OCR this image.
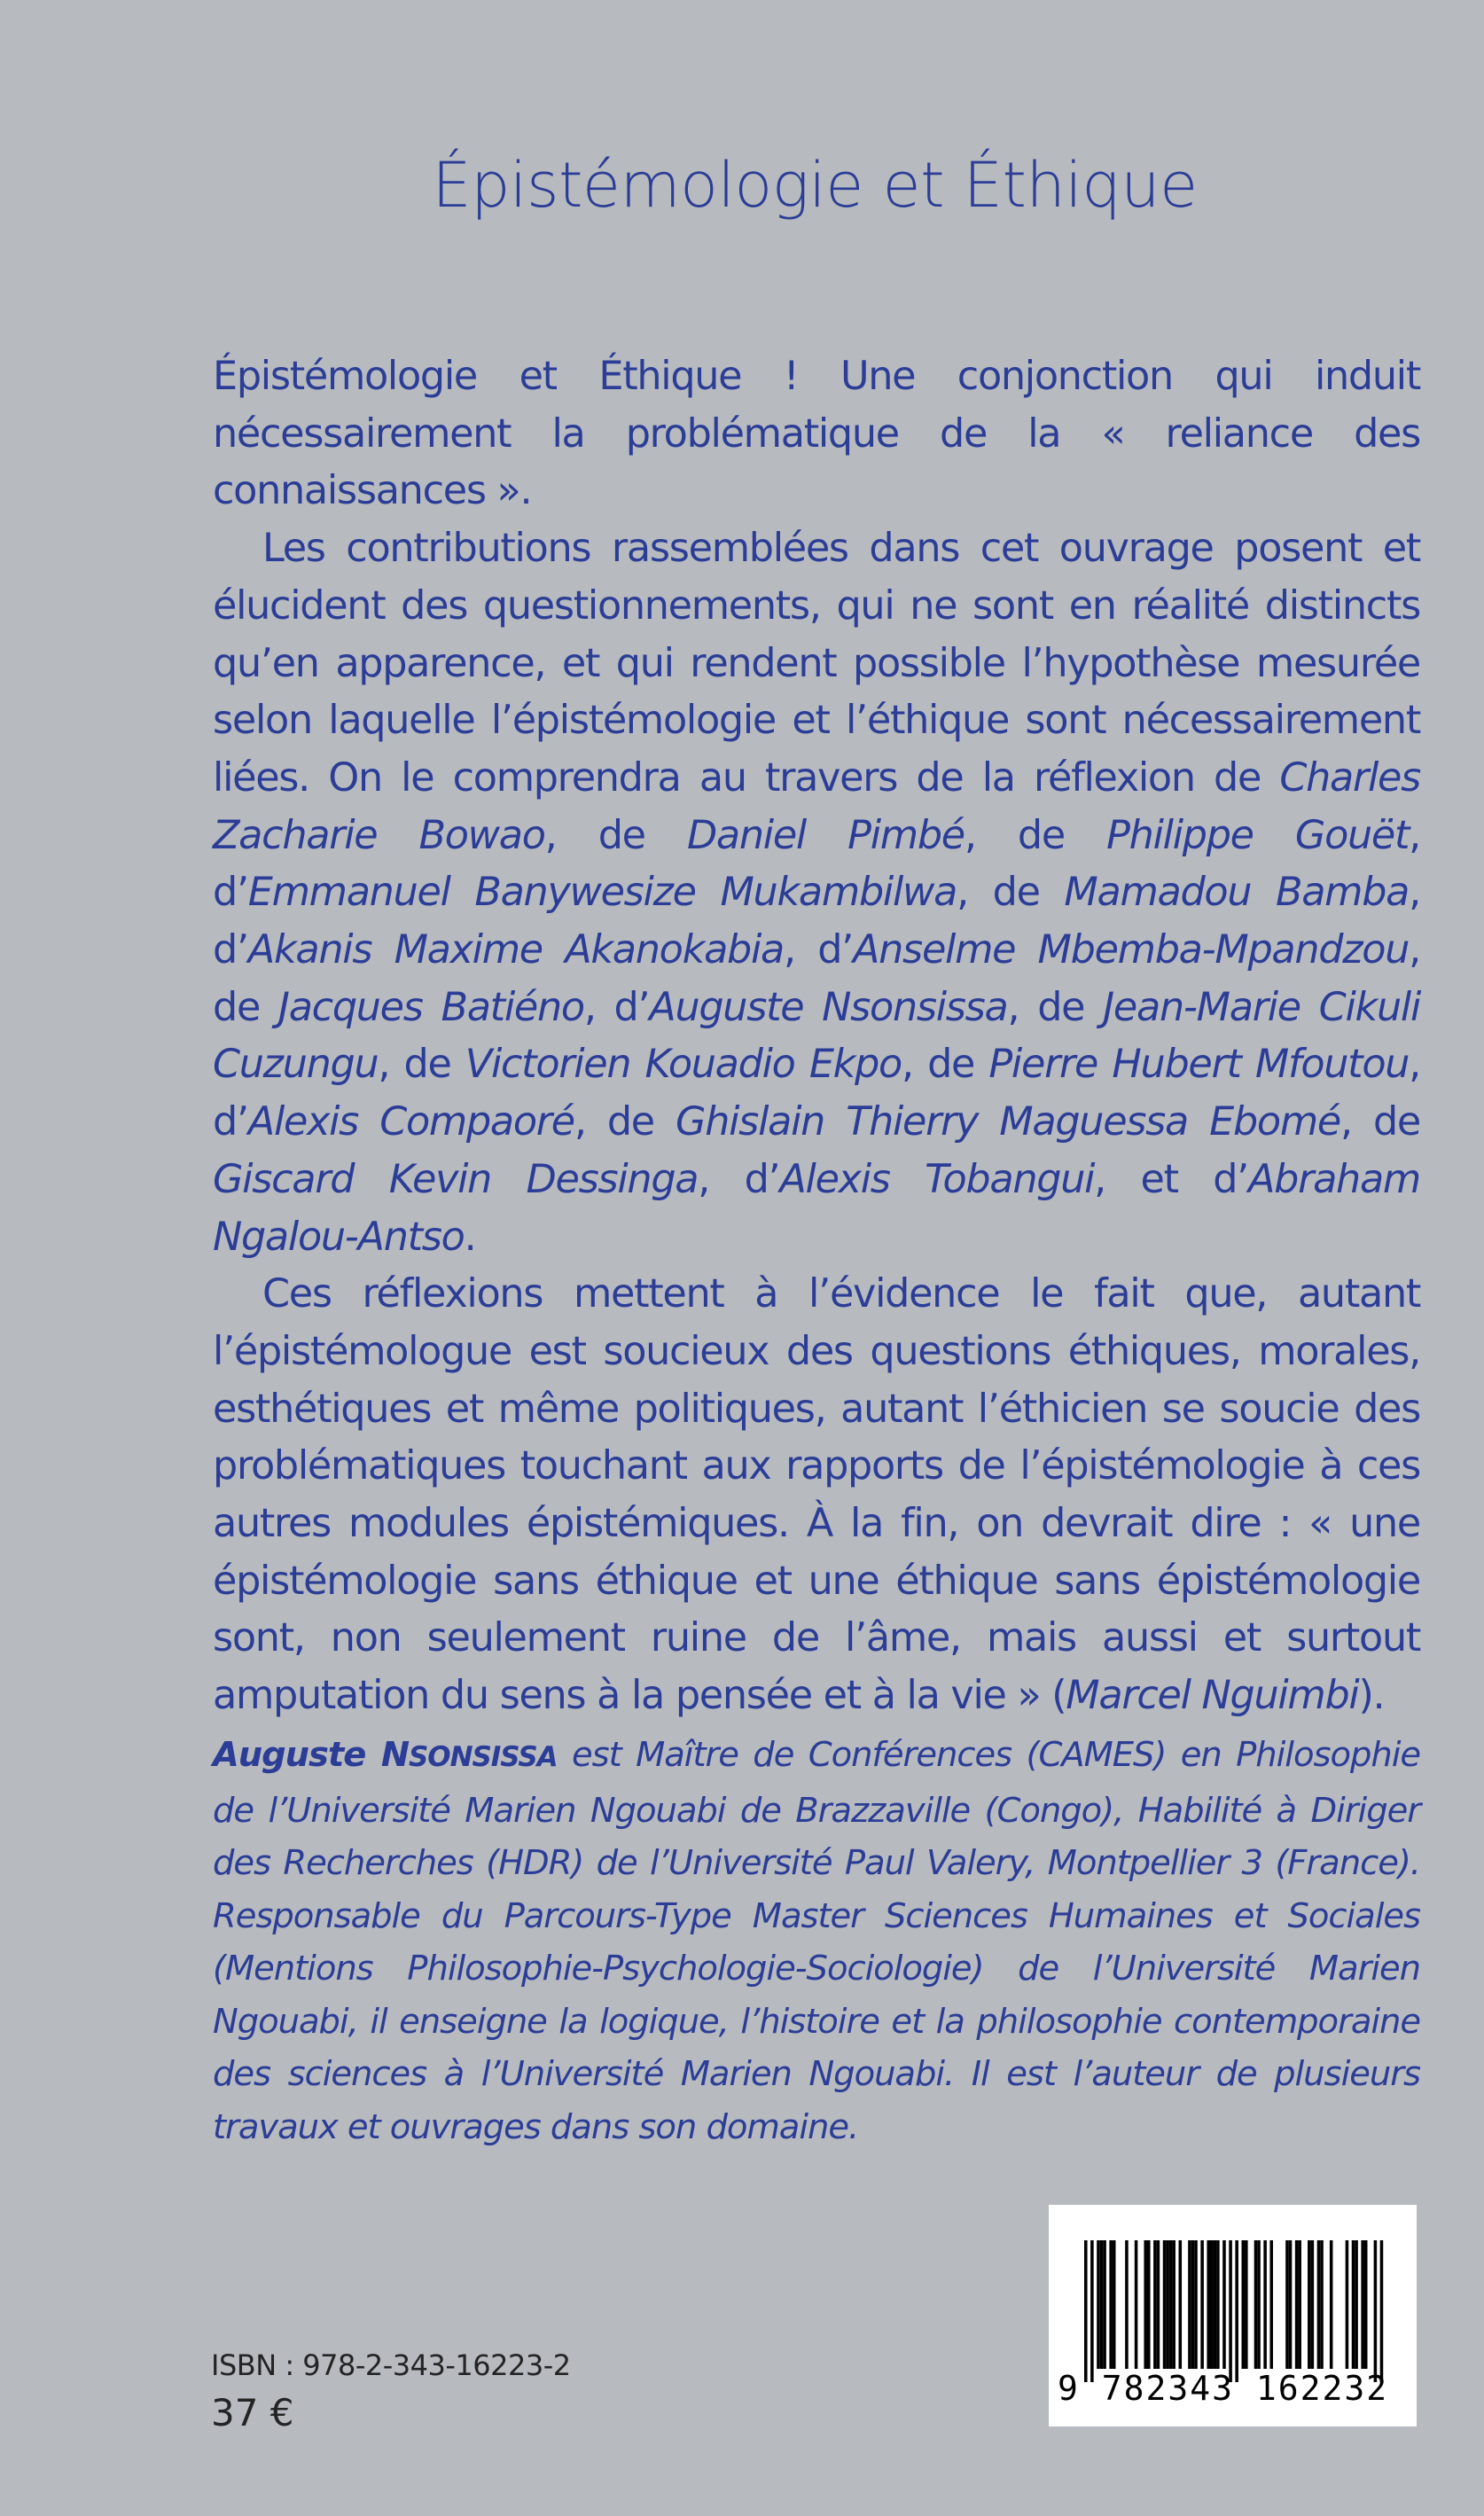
Épistémologie et Éthique

Épistémologie et Éthique ! Une conjonction qui induit nécessairement la problématique de la « reliance des connaissances ».

Les contributions rassemblées dans cet ouvrage posent et élucident des questionnements, qui ne sont en réalité distincts qu’en apparence, et qui rendent possible l’hypothèse mesurée selon laquelle l’épistémologie et l’éthique sont nécessairement liées. On le comprendra au travers de la réflexion de Charles Zacharie Bowao, de Daniel Pimbé, de Philippe Gouët, d’Emmanuel Banywesize Mukambilwa, de Mamadou Bamba, d’Akanis Maxime Akanokabia, d’Anselme Mbemba-Mpandzou, de Jacques Batiéno, d’Auguste Nsonsissa, de Jean-Marie Cikuli Cuzungu, de Victorien Kouadio Ekpo, de Pierre Hubert Mfoutou, d’Alexis Compaoré, de Ghislain Thierry Maguessa Ebomé, de Giscard Kevin Dessinga, d’Alexis Tobangui, et d’Abraham Ngalou-Antso.

Ces réflexions mettent à l’évidence le fait que, autant l’épistémologue est soucieux des questions éthiques, morales, esthétiques et même politiques, autant l’éthicien se soucie des problématiques touchant aux rapports de l’épistémologie à ces autres modules épistémiques. À la fin, on devrait dire : « une épistémologie sans éthique et une éthique sans épistémologie sont, non seulement ruine de l’âme, mais aussi et surtout amputation du sens à la pensée et à la vie » (Marcel Nguimbi).

Auguste NSONSISSA est Maître de Conférences (CAMES) en Philosophie de l’Université Marien Ngouabi de Brazzaville (Congo), Habilité à Diriger des Recherches (HDR) de l’Université Paul Valery, Montpellier 3 (France). Responsable du Parcours-Type Master Sciences Humaines et Sociales (Mentions Philosophie-Psychologie-Sociologie) de l’Université Marien Ngouabi, il enseigne la logique, l’histoire et la philosophie contemporaine des sciences à l’Université Marien Ngouabi. Il est l’auteur de plusieurs travaux et ouvrages dans son domaine.

ISBN : 978-2-343-16223-2
37 €
9 782343 162232
